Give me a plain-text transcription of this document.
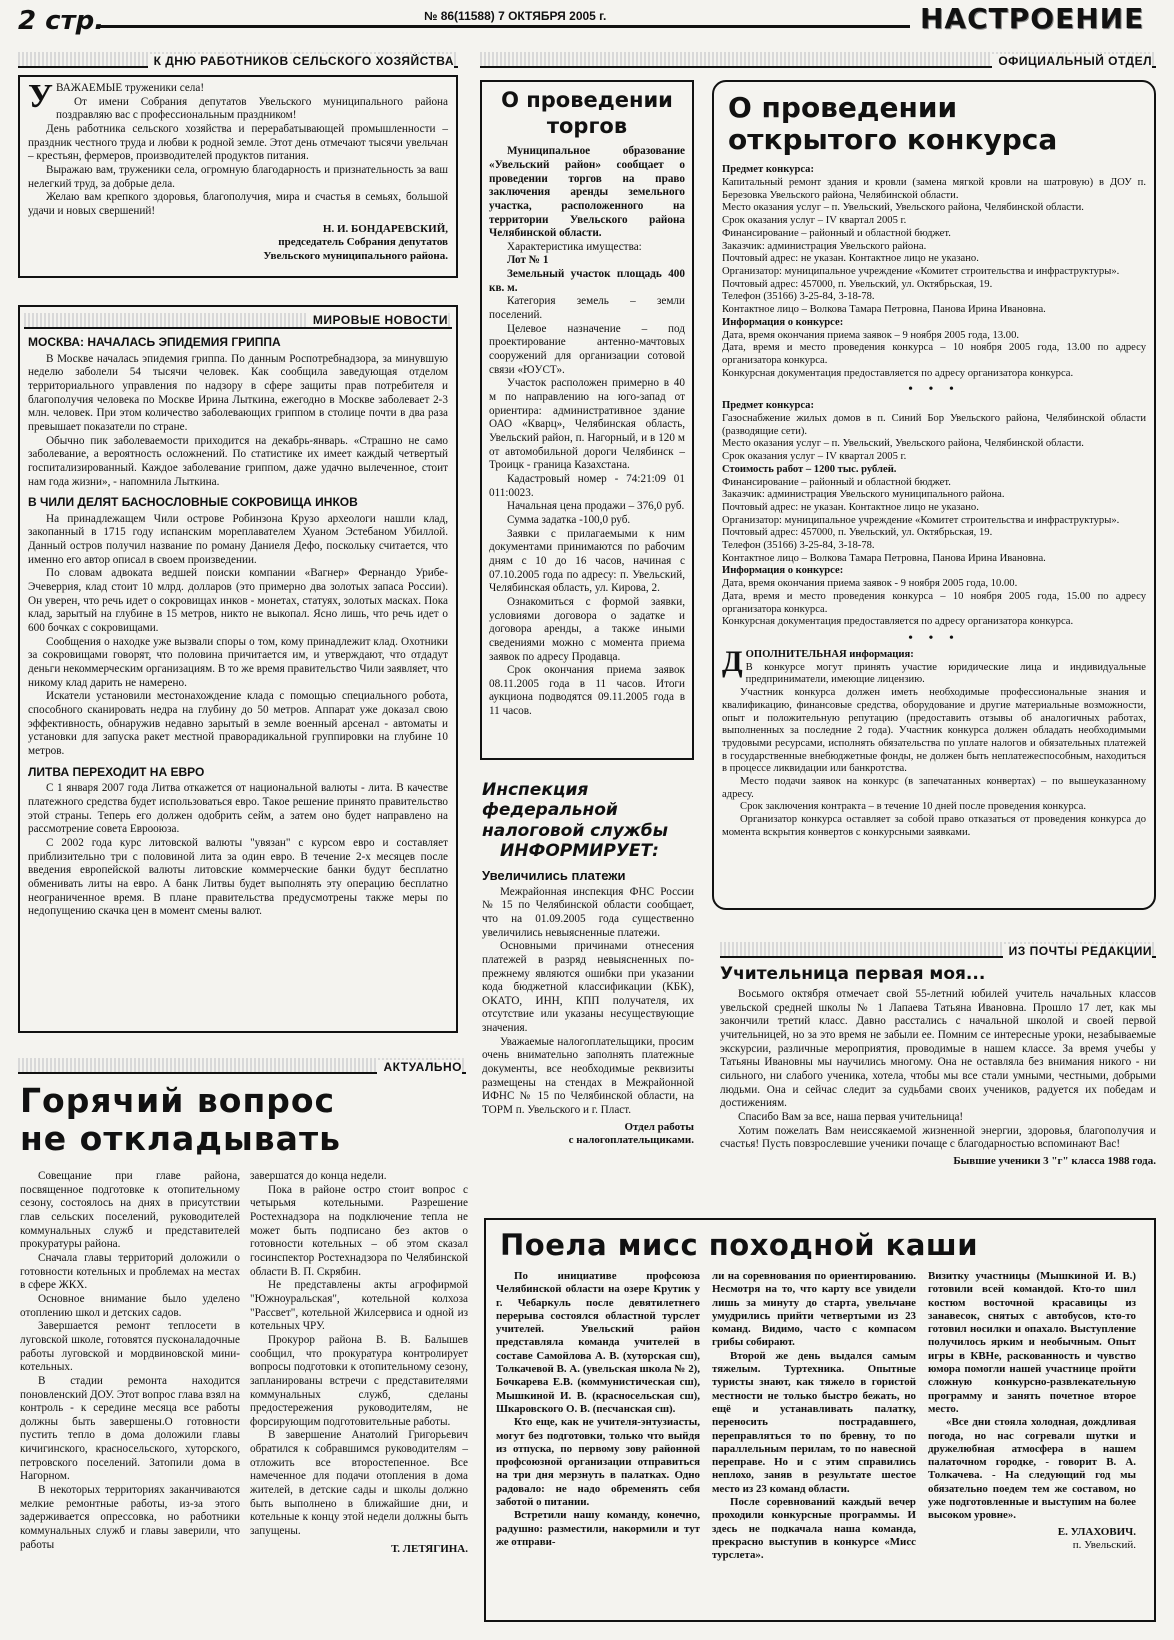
2 стр.	№ 86(11588) 7 ОКТЯБРЯ 2005 г.	НАСТРОЕНИЕ
К ДНЮ РАБОТНИКОВ СЕЛЬСКОГО ХОЗЯЙСТВА

УВАЖАЕМЫЕ труженики села!

От имени Собрания депутатов Увельского муниципального района поздравляю вас с профессиональным праздником!

День работника сельского хозяйства и перерабатывающей промышленности – праздник честного труда и любви к родной земле. Этот день отмечают тысячи увельчан – крестьян, фермеров, производителей продуктов питания.

Выражаю вам, труженики села, огромную благодарность и признательность за ваш нелегкий труд, за добрые дела.

Желаю вам крепкого здоровья, благополучия, мира и счастья в семьях, большой удачи и новых свершений!

Н. И. БОНДАРЕВСКИЙ,
председатель Собрания депутатов
Увельского муниципального района.
МИРОВЫЕ НОВОСТИ
МОСКВА: НАЧАЛАСЬ ЭПИДЕМИЯ ГРИППА

В Москве началась эпидемия гриппа. По данным Роспотребнадзора, за минувшую неделю заболели 54 тысячи человек. Как сообщила заведующая отделом территориального управления по надзору в сфере защиты прав потребителя и благополучия человека по Москве Ирина Лыткина, ежегодно в Москве заболевает 2-3 млн. человек. При этом количество заболевающих гриппом в столице почти в два раза превышает показатели по стране.

Обычно пик заболеваемости приходится на декабрь-январь. «Страшно не само заболевание, а вероятность осложнений. По статистике их имеет каждый четвертый госпитализированный. Каждое заболевание гриппом, даже удачно вылеченное, стоит нам года жизни», - напомнила Лыткина.

В ЧИЛИ ДЕЛЯТ БАСНОСЛОВНЫЕ СОКРОВИЩА ИНКОВ

На принадлежащем Чили острове Робинзона Крузо археологи нашли клад, закопанный в 1715 году испанским мореплавателем Хуаном Эстебаном Убиллой. Данный остров получил название по роману Даниеля Дефо, поскольку считается, что именно его автор описал в своем произведении.

По словам адвоката ведшей поиски компании «Вагнер» Фернандо Урибе-Эчеверрия, клад стоит 10 млрд. долларов (это примерно два золотых запаса России). Он уверен, что речь идет о сокровищах инков - монетах, статуях, золотых масках. Пока клад, зарытый на глубине в 15 метров, никто не выкопал. Ясно лишь, что речь идет о 600 бочках с сокровищами.

Сообщения о находке уже вызвали споры о том, кому принадлежит клад. Охотники за сокровищами говорят, что половина причитается им, и утверждают, что отдадут деньги некоммерческим организациям. В то же время правительство Чили заявляет, что никому клад дарить не намерено.

Искатели установили местонахождение клада с помощью специального робота, способного сканировать недра на глубину до 50 метров. Аппарат уже доказал свою эффективность, обнаружив недавно зарытый в земле военный арсенал - автоматы и установки для запуска ракет местной праворадикальной группировки на глубине 10 метров.

ЛИТВА ПЕРЕХОДИТ НА ЕВРО

С 1 января 2007 года Литва откажется от национальной валюты - лита. В качестве платежного средства будет использоваться евро. Такое решение принято правительство этой страны. Теперь его должен одобрить сейм, а затем оно будет направлено на рассмотрение совета Еврооюза.

С 2002 года курс литовской валюты "увязан" с курсом евро и составляет приблизительно три с половиной лита за один евро. В течение 2-х месяцев после введения европейской валюты литовские коммерческие банки будут бесплатно обменивать литы на евро. А банк Литвы будет выполнять эту операцию бесплатно неограниченное время. В плане правительства предусмотрены также меры по недопущению скачка цен в момент смены валют.

АКТУАЛЬНО
Горячий вопрос
не откладывать

Совещание при главе района, посвященное подготовке к отопительному сезону, состоялось на днях в присутствии глав сельских поселений, руководителей коммунальных служб и представителей прокуратуры района.

Сначала главы территорий доложили о готовности котельных и проблемах на местах в сфере ЖКХ.

Основное внимание было уделено отоплению школ и детских садов.

Завершается ремонт теплосети в луговской школе, готовятся пусконаладочные работы луговской и мордвиновской мини-котельных.

В стадии ремонта находится поновленский ДОУ. Этот вопрос глава взял на контроль - к середине месяца все работы должны быть завершены.О готовности пустить тепло в дома доложили главы кичигинского, красносельского, хуторского, петровского поселений. Затопили дома в Нагорном.

В некоторых территориях заканчиваются мелкие ремонтные работы, из-за этого задерживается опрессовка, но работники коммунальных служб и главы заверили, что работы

завершатся до конца недели.

Пока в районе остро стоит вопрос с четырьмя котельными. Разрешение Ростехнадзора на подключение тепла не может быть подписано без актов о готовности котельных – об этом сказал госинспектор Ростехнадзора по Челябинской области В. П. Скрябин.

Не представлены акты агрофирмой "Южноуральская", котельной колхоза "Рассвет", котельной Жилсервиса и одной из котельных ЧРУ.

Прокурор района В. В. Балышев сообщил, что прокуратура контролирует вопросы подготовки к отопительному сезону, запланированы встречи с представителями коммунальных служб, сделаны предостережения руководителям, не форсирующим подготовительные работы.

В завершение Анатолий Григорьевич обратился к собравшимся руководителям – отложить все второстепенное. Все намеченное для подачи отопления в дома жителей, в детские сады и школы должно быть выполнено в ближайшие дни, и котельные к концу этой недели должны быть запущены.

Т. ЛЕТЯГИНА.
ОФИЦИАЛЬНЫЙ ОТДЕЛ
О проведении торгов

Муниципальное образование «Увельский район» сообщает о проведении торгов на право заключения аренды земельного участка, расположенного на территории Увельского района Челябинской области.

Характеристика имущества:

Лот № 1

Земельный участок площадь 400 кв. м.

Категория земель – земли поселений.

Целевое назначение – под проектирование антенно-мачтовых сооружений для организации сотовой связи «ЮУСТ».

Участок расположен примерно в 40 м по направлению на юго-запад от ориентира: административное здание ОАО «Кварц», Челябинская область, Увельский район, п. Нагорный, и в 120 м от автомобильной дороги Челябинск – Троицк - граница Казахстана.

Кадастровый номер - 74:21:09 01 011:0023.

Начальная цена продажи – 376,0 руб.

Сумма задатка -100,0 руб.

Заявки с прилагаемыми к ним документами принимаются по рабочим дням с 10 до 16 часов, начиная с 07.10.2005 года по адресу: п. Увельский, Челябинская область, ул. Кирова, 2.

Ознакомиться с формой заявки, условиями договора о задатке и договора аренды, а также иными сведениями можно с момента приема заявок по адресу Продавца.

Срок окончания приема заявок 08.11.2005 года в 11 часов. Итоги аукциона подводятся 09.11.2005 года в 11 часов.

Инспекция
федеральной
налоговой службы
ИНФОРМИРУЕТ:
Увеличились платежи

Межрайонная инспекция ФНС России № 15 по Челябинской области сообщает, что на 01.09.2005 года существенно увеличились невыясненные платежи.

Основными причинами отнесения платежей в разряд невыясненных по-прежнему являются ошибки при указании кода бюджетной классификации (КБК), ОКАТО, ИНН, КПП получателя, их отсутствие или указаны несуществующие значения.

Уважаемые налогоплательщики, просим очень внимательно заполнять платежные документы, все необходимые реквизиты размещены на стендах в Межрайонной ИФНС № 15 по Челябинской области, на ТОРМ п. Увельского и г. Пласт.

Отдел работы
с налогоплательщиками.
О проведении
открытого конкурса
Предмет конкурса:
Капитальный ремонт здания и кровли (замена мягкой кровли на шатровую) в ДОУ п. Березовка Увельского района, Челябинской области.
Место оказания услуг – п. Увельский, Увельского района, Челябинской области.
Срок оказания услуг – IV квартал 2005 г.
Финансирование – районный и областной бюджет.
Заказчик: администрация Увельского района.
Почтовый адрес: не указан. Контактное лицо не указано.
Организатор: муниципальное учреждение «Комитет строительства и инфраструктуры».
Почтовый адрес: 457000, п. Увельский, ул. Октябрьская, 19.
Телефон (35166) 3-25-84, 3-18-78.
Контактное лицо – Волкова Тамара Петровна, Панова Ирина Ивановна.
Информация о конкурсе:
Дата, время окончания приема заявок – 9 ноября 2005 года, 13.00.
Дата, время и место проведения конкурса – 10 ноября 2005 года, 13.00 по адресу организатора конкурса.
Конкурсная документация предоставляется по адресу организатора конкурса.
• • •
Предмет конкурса:
Газоснабжение жилых домов в п. Синий Бор Увельского района, Челябинской области (разводящие сети).
Место оказания услуг – п. Увельский, Увельского района, Челябинской области.
Срок оказания услуг – IV квартал 2005 г.
Стоимость работ – 1200 тыс. рублей.
Финансирование – районный и областной бюджет.
Заказчик: администрация Увельского муниципального района.
Почтовый адрес: не указан. Контактное лицо не указано.
Организатор: муниципальное учреждение «Комитет строительства и инфраструктуры».
Почтовый адрес: 457000, п. Увельский, ул. Октябрьская, 19.
Телефон (35166) 3-25-84, 3-18-78.
Контактное лицо – Волкова Тамара Петровна, Панова Ирина Ивановна.
Информация о конкурсе:
Дата, время окончания приема заявок - 9 ноября 2005 года, 10.00.
Дата, время и место проведения конкурса – 10 ноября 2005 года, 15.00 по адресу организатора конкурса.
Конкурсная документация предоставляется по адресу организатора конкурса.
• • •

ДОПОЛНИТЕЛЬНАЯ информация:

В конкурсе могут принять участие юридические лица и индивидуальные предприниматели, имеющие лицензию.

Участник конкурса должен иметь необходимые профессиональные знания и квалификацию, финансовые средства, оборудование и другие материальные возможности, опыт и положительную репутацию (предоставить отзывы об аналогичных работах, выполненных за последние 2 года). Участник конкурса должен обладать необходимыми трудовыми ресурсами, исполнять обязательства по уплате налогов и обязательных платежей в государственные внебюджетные фонды, не должен быть неплатежеспособным, находиться в процессе ликвидации или банкротства.

Место подачи заявок на конкурс (в запечатанных конвертах) – по вышеуказанному адресу.

Срок заключения контракта – в течение 10 дней после проведения конкурса.

Организатор конкурса оставляет за собой право отказаться от проведения конкурса до момента вскрытия конвертов с конкурсными заявками.

ИЗ ПОЧТЫ РЕДАКЦИИ
Учительница первая моя...

Восьмого октября отмечает свой 55-летний юбилей учитель начальных классов увельской средней школы № 1 Лапаева Татьяна Ивановна. Прошло 17 лет, как мы закончили третий класс. Давно расстались с начальной школой и своей первой учительницей, но за это время не забыли ее. Помним се интересные уроки, незабываемые экскурсии, различные мероприятия, проводимые в нашем классе. За время учебы у Татьяны Ивановны мы научились многому. Она не оставляла без внимания никого - ни сильного, ни слабого ученика, хотела, чтобы мы все стали умными, честными, добрыми людьми. Она и сейчас следит за судьбами своих учеников, радуется их победам и достижениям.

Спасибо Вам за все, наша первая учительница!

Хотим пожелать Вам неиссякаемой жизненной энергии, здоровья, благополучия и счастья! Пусть повзрослевшие ученики почаще с благодарностью вспоминают Вас!

Бывшие ученики 3 "г" класса 1988 года.
Поела мисс походной каши

По инициативе профсоюза Челябинской области на озере Крутик у г. Чебаркуль после девятилетнего перерыва состоялся областной турслет учителей. Увельский район представляла команда учителей в составе Самойлова А. В. (хуторская сш), Толкачевой В. А. (увельская школа № 2), Бочкарева Е.В. (коммунистическая сш), Мышкиной И. В. (красносельская сш), Шкаровского О. В. (песчанская сш).

Кто еще, как не учителя-энтузиасты, могут без подготовки, только что выйдя из отпуска, по первому зову районной профсоюзной организации отправиться на три дня мерзнуть в палатках. Одно радовало: не надо обременять себя заботой о питании.

Встретили нашу команду, конечно, радушно: разместили, накормили и тут же отправи-

ли на соревнования по ориентированию. Несмотря на то, что карту все увидели лишь за минуту до старта, увельчане умудрились прийти четвертыми из 23 команд. Видимо, часто с компасом грибы собирают.

Второй же день выдался самым тяжелым. Туртехника. Опытные туристы знают, как тяжело в гористой местности не только быстро бежать, но ещё и устанавливать палатку, переносить пострадавшего, переправляться то по бревну, то по параллельным перилам, то по навесной переправе. Но и с этим справились неплохо, заняв в результате шестое место из 23 команд области.

После соревнований каждый вечер проходили конкурсные программы. И здесь не подкачала наша команда, прекрасно выступив в конкурсе «Мисс турслета».

Визитку участницы (Мышкиной И. В.) готовили всей командой. Кто-то шил костюм восточной красавицы из занавесок, снятых с автобусов, кто-то готовил носилки и опахало. Выступление получилось ярким и необычным. Опыт игры в КВНе, раскованность и чувство юмора помогли нашей участнице пройти сложную конкурсно-развлекательную программу и занять почетное второе место.

«Все дни стояла холодная, дождливая погода, но нас согревали шутки и дружелюбная атмосфера в нашем палаточном городке, - говорит В. А. Толкачева. - На следующий год мы обязательно поедем тем же составом, но уже подготовленные и выступим на более высоком уровне».

Е. УЛАХОВИЧ.
п. Увельский.
